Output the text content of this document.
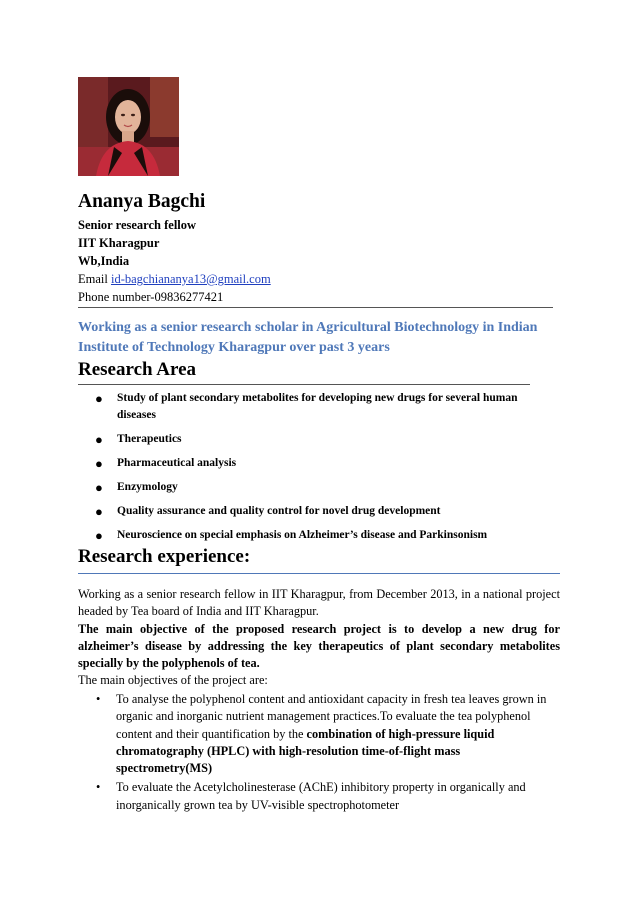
Ananya Bagchi
Senior research fellow
IIT Kharagpur
Wb,India
Email id-bagchiananya13@gmail.com
Phone number-09836277421

Working as a senior research scholar in Agricultural Biotechnology in Indian Institute of Technology Kharagpur over past 3 years

Research Area
● Study of plant secondary metabolites for developing new drugs for several human diseases
● Therapeutics
● Pharmaceutical analysis
● Enzymology
● Quality assurance and quality control for novel drug development
● Neuroscience on special emphasis on Alzheimer’s disease and Parkinsonism
Research experience:

Working as a senior research fellow in IIT Kharagpur, from December 2013, in a national project headed by Tea board of India and IIT Kharagpur.

The main objective of the proposed research project is to develop a new drug for alzheimer’s disease by addressing the key therapeutics of plant secondary metabolites specially by the polyphenols of tea.

The main objectives of the project are:

• To analyse the polyphenol content and antioxidant capacity in fresh tea leaves grown in organic and inorganic nutrient management practices.To evaluate the tea polyphenol content and their quantification by the combination of high-pressure liquid chromatography (HPLC) with high-resolution time-of-flight mass spectrometry(MS)
• To evaluate the Acetylcholinesterase (AChE) inhibitory property in organically and inorganically grown tea by UV-visible spectrophotometer
